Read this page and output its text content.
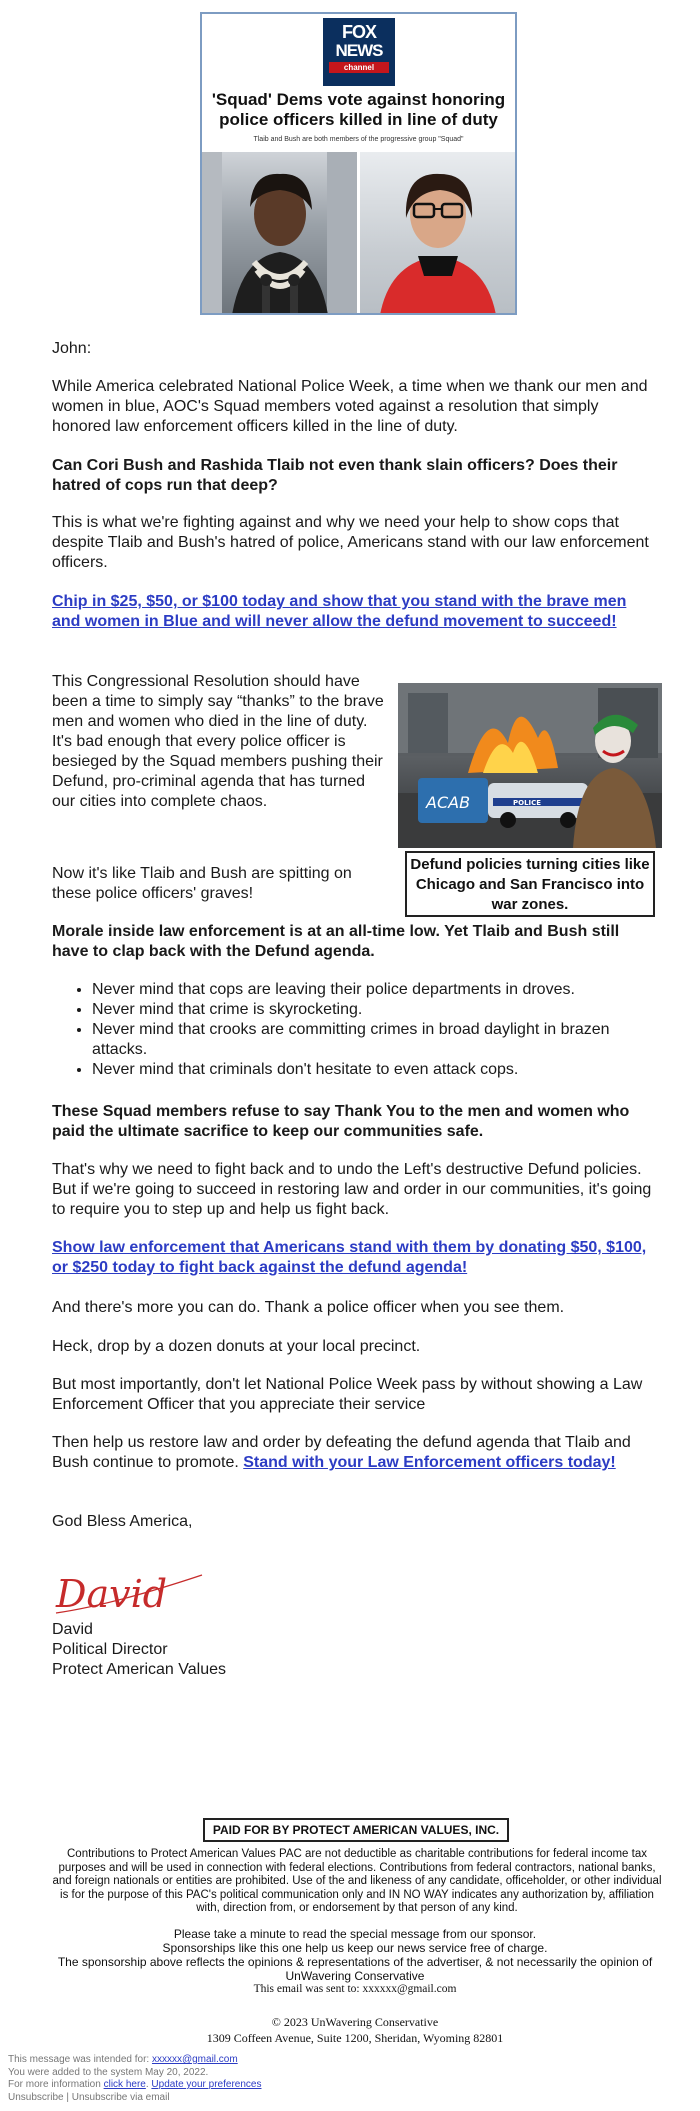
FOX
NEWS
channel
'Squad' Dems vote against honoring police officers killed in line of duty
Tlaib and Bush are both members of the progressive group "Squad"

John:

While America celebrated National Police Week, a time when we thank our men and women in blue, AOC's Squad members voted against a resolution that simply honored law enforcement officers killed in the line of duty.

Can Cori Bush and Rashida Tlaib not even thank slain officers? Does their hatred of cops run that deep?

This is what we're fighting against and why we need your help to show cops that despite Tlaib and Bush's hatred of police, Americans stand with our law enforcement officers.

Chip in $25, $50, or $100 today and show that you stand with the brave men and women in Blue and will never allow the defund movement to succeed!

This Congressional Resolution should have been a time to simply say “thanks” to the brave men and women who died in the line of duty. It's bad enough that every police officer is besieged by the Squad members pushing their Defund, pro-criminal agenda that has turned our cities into complete chaos.	ACAB	POLICE
Defund policies turning cities like Chicago and San Francisco into war zones.

Now it's like Tlaib and Bush are spitting on these police officers' graves!

Morale inside law enforcement is at an all-time low. Yet Tlaib and Bush still have to clap back with the Defund agenda.

• Never mind that cops are leaving their police departments in droves.
• Never mind that crime is skyrocketing.
• Never mind that crooks are committing crimes in broad daylight in brazen attacks.
• Never mind that criminals don't hesitate to even attack cops.

These Squad members refuse to say Thank You to the men and women who paid the ultimate sacrifice to keep our communities safe.

That's why we need to fight back and to undo the Left's destructive Defund policies. But if we're going to succeed in restoring law and order in our communities, it's going to require you to step up and help us fight back.

Show law enforcement that Americans stand with them by donating $50, $100, or $250 today to fight back against the defund agenda!

And there's more you can do. Thank a police officer when you see them.

Heck, drop by a dozen donuts at your local precinct.

But most importantly, don't let National Police Week pass by without showing a Law Enforcement Officer that you appreciate their service

Then help us restore law and order by defeating the defund agenda that Tlaib and Bush continue to promote. Stand with your Law Enforcement officers today!

God Bless America,

David

David

Political Director

Protect American Values

PAID FOR BY PROTECT AMERICAN VALUES, INC.
Contributions to Protect American Values PAC are not deductible as charitable contributions for federal income tax purposes and will be used in connection with federal elections. Contributions from federal contractors, national banks, and foreign nationals or entities are prohibited. Use of the and likeness of any candidate, officeholder, or other individual is for the purpose of this PAC's political communication only and IN NO WAY indicates any authorization by, affiliation with, direction from, or endorsement by that person of any kind.
Please take a minute to read the special message from our sponsor.
Sponsorships like this one help us keep our news service free of charge.
The sponsorship above reflects the opinions & representations of the advertiser, & not necessarily the opinion of UnWavering Conservative
This email was sent to: xxxxxx@gmail.com
© 2023 UnWavering Conservative
1309 Coffeen Avenue, Suite 1200, Sheridan, Wyoming 82801
This message was intended for: xxxxxx@gmail.com
You were added to the system May 20, 2022.
For more information click here. Update your preferences
Unsubscribe | Unsubscribe via email
